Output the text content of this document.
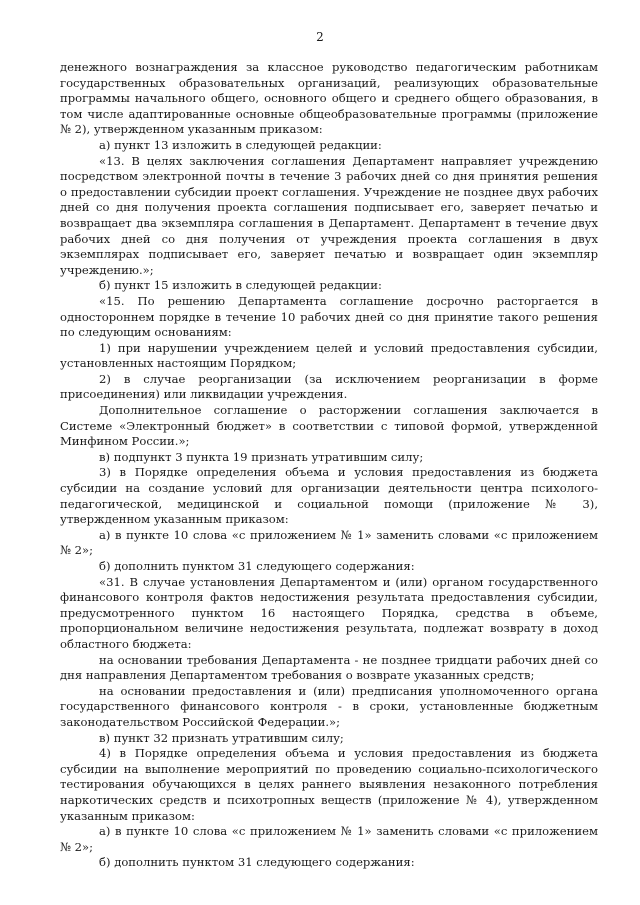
2

денежного вознаграждения за классное руководство педагогическим работникам государственных образовательных организаций, реализующих образовательные программы начального общего, основного общего и среднего общего образования, в том числе адаптированные основные общеобразовательные программы (приложение № 2), утвержденном указанным приказом:

а) пункт 13 изложить в следующей редакции:

«13. В целях заключения соглашения Департамент направляет учреждению посредством электронной почты в течение 3 рабочих дней со дня принятия решения о предоставлении субсидии проект соглашения. Учреждение не позднее двух рабочих дней со дня получения проекта соглашения подписывает его, заверяет печатью и возвращает два экземпляра соглашения в Департамент. Департамент в течение двух рабочих дней со дня получения от учреждения проекта соглашения в двух экземплярах подписывает его, заверяет печатью и возвращает один экземпляр учреждению.»;

б) пункт 15 изложить в следующей редакции:

«15. По решению Департамента соглашение досрочно расторгается в одностороннем порядке в течение 10 рабочих дней со дня принятие такого решения по следующим основаниям:

1) при нарушении учреждением целей и условий предоставления субсидии, установленных настоящим Порядком;

2) в случае реорганизации (за исключением реорганизации в форме присоединения) или ликвидации учреждения.

Дополнительное соглашение о расторжении соглашения заключается в Системе «Электронный бюджет» в соответствии с типовой формой, утвержденной Минфином России.»;

в) подпункт 3 пункта 19 признать утратившим силу;

3) в Порядке определения объема и условия предоставления из бюджета субсидии на создание условий для организации деятельности центра психолого-педагогической, медицинской и социальной помощи (приложение № 3), утвержденном указанным приказом:

а) в пункте 10 слова «с приложением № 1» заменить словами «с приложением № 2»;

б) дополнить пунктом 31 следующего содержания:

«31. В случае установления Департаментом и (или) органом государственного финансового контроля фактов недостижения результата предоставления субсидии, предусмотренного пунктом 16 настоящего Порядка, средства в объеме, пропорциональном величине недостижения результата, подлежат возврату в доход областного бюджета:

на основании требования Департамента - не позднее тридцати рабочих дней со дня направления Департаментом требования о возврате указанных средств;

на основании предоставления и (или) предписания уполномоченного органа государственного финансового контроля - в сроки, установленные бюджетным законодательством Российской Федерации.»;

в) пункт 32 признать утратившим силу;

4) в Порядке определения объема и условия предоставления из бюджета субсидии на выполнение мероприятий по проведению социально-психологического тестирования обучающихся в целях раннего выявления незаконного потребления наркотических средств и психотропных веществ (приложение № 4), утвержденном указанным приказом:

а) в пункте 10 слова «с приложением № 1» заменить словами «с приложением № 2»;

б) дополнить пунктом 31 следующего содержания:
